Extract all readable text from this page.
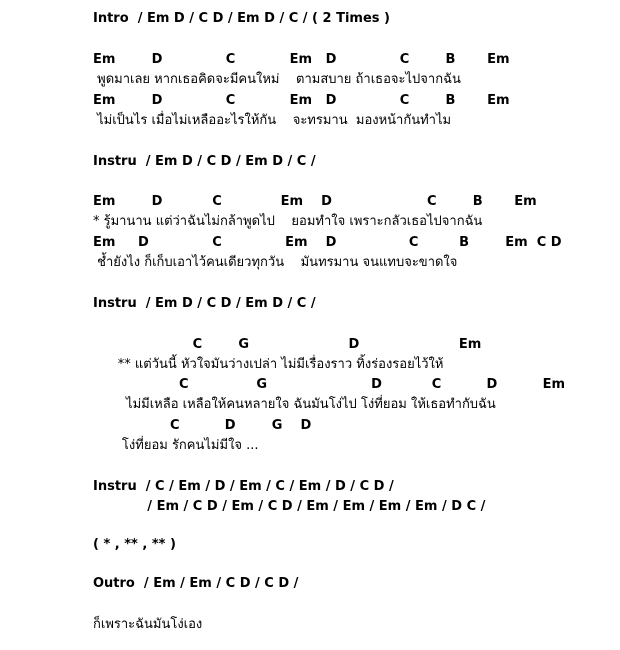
Intro  / Em D / C D / Em D / C / ( 2 Times )
Em        D              C            Em   D              C        B       Em
พูดมาเลย หากเธอคิดจะมีคนใหม่    ตามสบาย ถ้าเธอจะไปจากฉัน
Em        D              C            Em   D              C        B       Em
ไม่เป็นไร เมื่อไม่เหลืออะไรให้กัน    จะทรมาน  มองหน้ากันทำไม
Instru  / Em D / C D / Em D / C /
Em        D           C             Em    D                     C        B       Em
* รู้มานาน แต่ว่าฉันไม่กล้าพูดไป    ยอมทำใจ เพราะกลัวเธอไปจากฉัน
Em     D              C              Em    D                C         B        Em  C D
ช้ำยังไง ก็เก็บเอาไว้คนเดียวทุกวัน    มันทรมาน จนแทบจะขาดใจ
Instru  / Em D / C D / Em D / C /
C        G                      D                      Em
** แต่วันนี้ หัวใจมันว่างเปล่า ไม่มีเรื่องราว ทิ้งร่องรอยไว้ให้
C               G                       D           C          D          Em
ไม่มีเหลือ เหลือให้คนหลายใจ ฉันมันโง่ไป โง่ที่ยอม ให้เธอทำกับฉัน
C          D        G    D
โง่ที่ยอม รักคนไม่มีใจ ...
Instru  / C / Em / D / Em / C / Em / D / C D /
/ Em / C D / Em / C D / Em / Em / Em / Em / D C /
( * , ** , ** )
Outro  / Em / Em / C D / C D /
ก็เพราะฉันมันโง่เอง
